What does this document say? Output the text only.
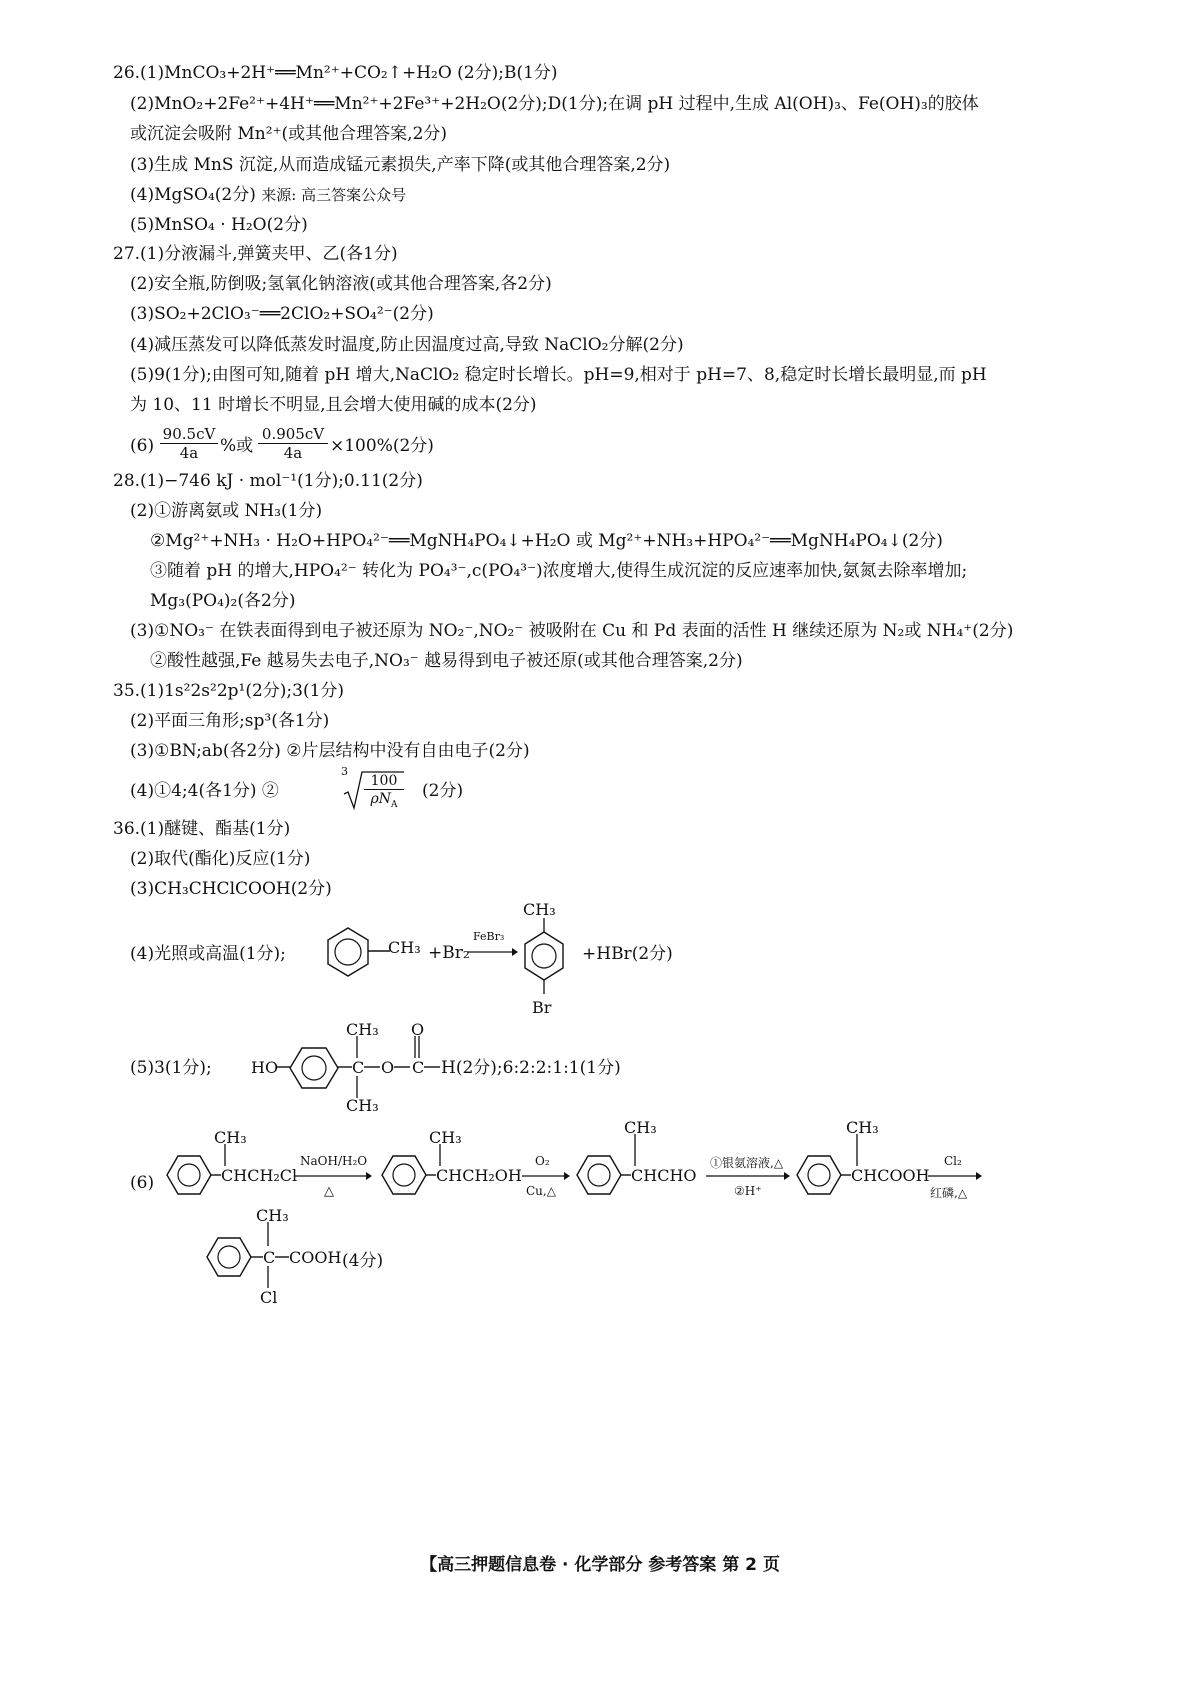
26.(1)MnCO₃+2H⁺══Mn²⁺+CO₂↑+H₂O (2分);B(1分)
(2)MnO₂+2Fe²⁺+4H⁺══Mn²⁺+2Fe³⁺+2H₂O(2分);D(1分);在调 pH 过程中,生成 Al(OH)₃、Fe(OH)₃的胶体
或沉淀会吸附 Mn²⁺(或其他合理答案,2分)
(3)生成 MnS 沉淀,从而造成锰元素损失,产率下降(或其他合理答案,2分)
(4)MgSO₄(2分) 来源: 高三答案公众号
(5)MnSO₄ · H₂O(2分)
27.(1)分液漏斗,弹簧夹甲、乙(各1分)
(2)安全瓶,防倒吸;氢氧化钠溶液(或其他合理答案,各2分)
(3)SO₂+2ClO₃⁻══2ClO₂+SO₄²⁻(2分)
(4)减压蒸发可以降低蒸发时温度,防止因温度过高,导致 NaClO₂分解(2分)
(5)9(1分);由图可知,随着 pH 增大,NaClO₂ 稳定时长增长。pH=9,相对于 pH=7、8,稳定时长增长最明显,而 pH
为 10、11 时增长不明显,且会增大使用碱的成本(2分)
$(6) \frac{90.5cV}{4a}$ %或 $\frac{0.905cV}{4a} \times 100\%(2$分)
28.(1)−746 kJ · mol⁻¹(1分);0.11(2分)
(2)①游离氨或 NH₃(1分)
②Mg²⁺+NH₃ · H₂O+HPO₄²⁻══MgNH₄PO₄↓+H₂O 或 Mg²⁺+NH₃+HPO₄²⁻══MgNH₄PO₄↓(2分)
③随着 pH 的增大,HPO₄²⁻ 转化为 PO₄³⁻,c(PO₄³⁻)浓度增大,使得生成沉淀的反应速率加快,氨氮去除率增加;
Mg₃(PO₄)₂(各2分)
(3)①NO₃⁻ 在铁表面得到电子被还原为 NO₂⁻,NO₂⁻ 被吸附在 Cu 和 Pd 表面的活性 H 继续还原为 N₂或 NH₄⁺(2分)
②酸性越强,Fe 越易失去电子,NO₃⁻ 越易得到电子被还原(或其他合理答案,2分)
35.(1)1s²2s²2p¹(2分);3(1分)
(2)平面三角形;sp³(各1分)
(3)①BN;ab(各2分) ②片层结构中没有自由电子(2分)
(4)①4;4(各1分) ②
3
100
$\rho N_A$
(2分)
36.(1)醚键、酯基(1分)
(2)取代(酯化)反应(1分)
(3)CH₃CHClCOOH(2分)
(4)光照或高温(1分);	CH₃ +Br₂
FeBr₃
CH₃
Br
+HBr(2分)
(5)3(1分); HO
CH₃
C
CH₃
O
O
C H(2分);6:2:2:1:1(1分)
(6)
CH₃
CHCH₂Cl
NaOH/H₂O
△
CH₃
CHCH₂OH
O₂
Cu,△
CH₃
CHCHO
①银氨溶液,△
②H⁺
CH₃
CHCOOH
Cl₂
红磷,△
CH₃
C COOH (4分)
Cl
【高三押题信息卷 · 化学部分 参考答案 第 2 页
